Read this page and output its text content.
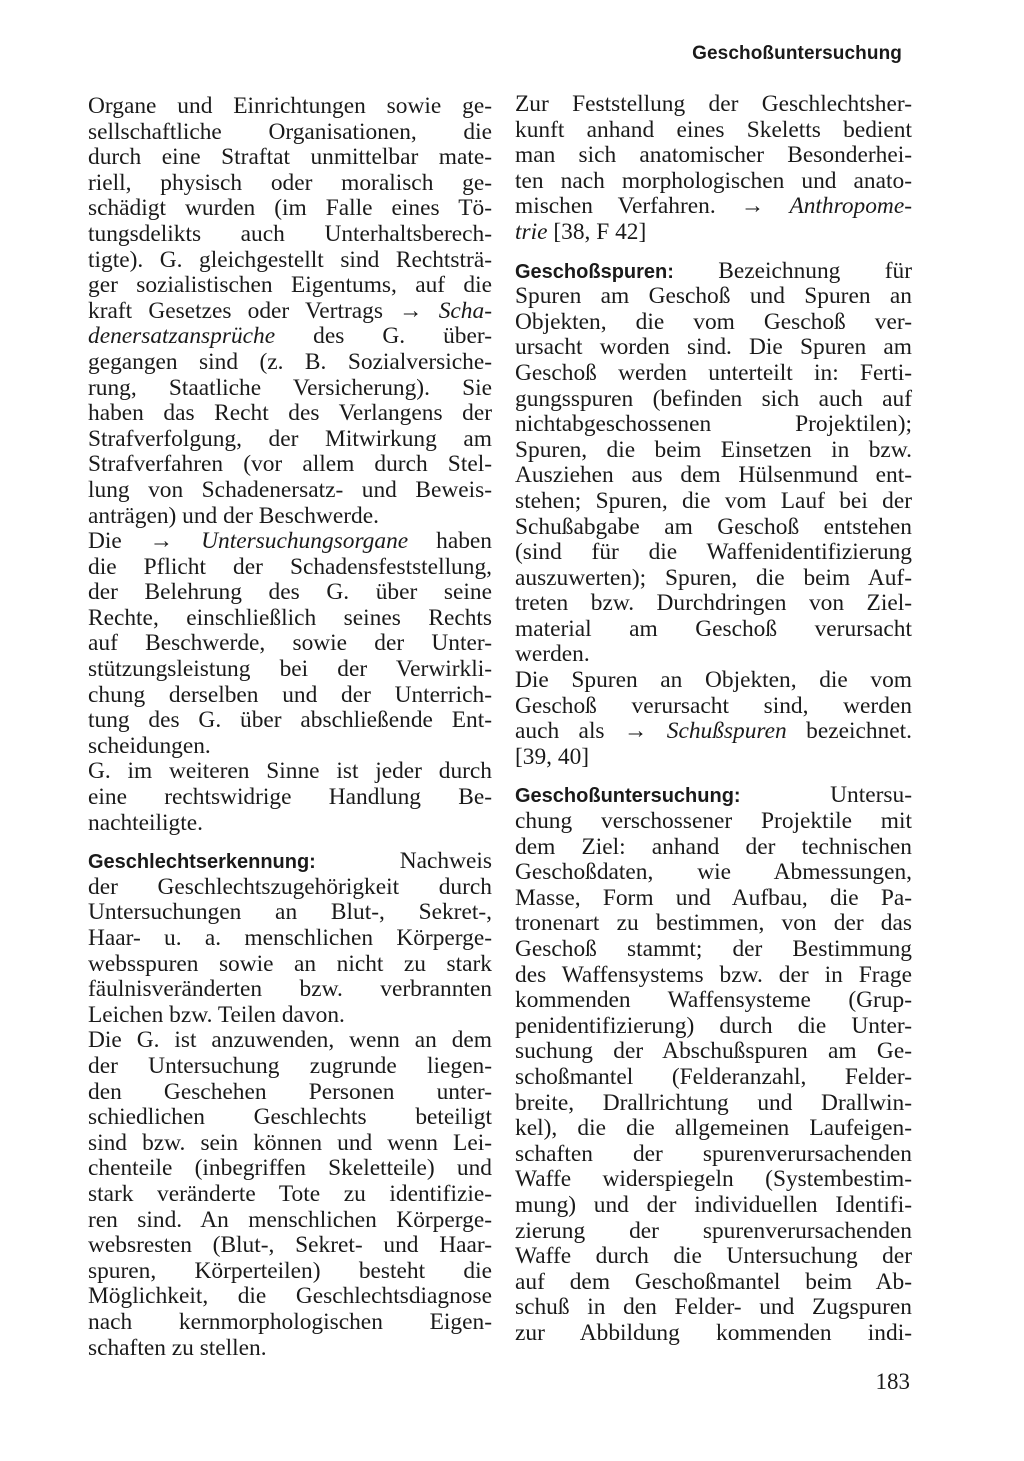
Geschoßuntersuchung
Organe und Einrichtungen sowie ge-
sellschaftliche Organisationen, die
durch eine Straftat unmittelbar mate-
riell, physisch oder moralisch ge-
schädigt wurden (im Falle eines Tö-
tungsdelikts auch Unterhaltsberech-
tigte). G. gleichgestellt sind Rechtsträ-
ger sozialistischen Eigentums, auf die
kraft Gesetzes oder Vertrags → Scha-
denersatzansprüche des G. über-
gegangen sind (z. B. Sozialversiche-
rung, Staatliche Versicherung). Sie
haben das Recht des Verlangens der
Strafverfolgung, der Mitwirkung am
Strafverfahren (vor allem durch Stel-
lung von Schadenersatz- und Beweis-
anträgen) und der Beschwerde.
Die → Untersuchungsorgane haben
die Pflicht der Schadensfeststellung,
der Belehrung des G. über seine
Rechte, einschließlich seines Rechts
auf Beschwerde, sowie der Unter-
stützungsleistung bei der Verwirkli-
chung derselben und der Unterrich-
tung des G. über abschließende Ent-
scheidungen.
G. im weiteren Sinne ist jeder durch
eine rechtswidrige Handlung Be-
nachteiligte.
Geschlechtserkennung:	Nachweis
der Geschlechtszugehörigkeit durch
Untersuchungen an Blut-, Sekret-,
Haar- u. a. menschlichen Körperge-
websspuren sowie an nicht zu stark
fäulnisveränderten bzw. verbrannten
Leichen bzw. Teilen davon.
Die G. ist anzuwenden, wenn an dem
der Untersuchung zugrunde liegen-
den Geschehen Personen unter-
schiedlichen Geschlechts beteiligt
sind bzw. sein können und wenn Lei-
chenteile (inbegriffen Skeletteile) und
stark veränderte Tote zu identifizie-
ren sind. An menschlichen Körperge-
websresten (Blut-, Sekret- und Haar-
spuren, Körperteilen) besteht die
Möglichkeit, die Geschlechtsdiagnose
nach kernmorphologischen Eigen-
schaften zu stellen.
Zur Feststellung der Geschlechtsher-
kunft anhand eines Skeletts bedient
man sich anatomischer Besonderhei-
ten nach morphologischen und anato-
mischen Verfahren. → Anthropome-
trie [38, F 42]
Geschoßspuren: Bezeichnung für
Spuren am Geschoß und Spuren an
Objekten, die vom Geschoß ver-
ursacht worden sind. Die Spuren am
Geschoß werden unterteilt in: Ferti-
gungsspuren (befinden sich auch auf
nichtabgeschossenen Projektilen);
Spuren, die beim Einsetzen in bzw.
Ausziehen aus dem Hülsenmund ent-
stehen; Spuren, die vom Lauf bei der
Schußabgabe am Geschoß entstehen
(sind für die Waffenidentifizierung
auszuwerten); Spuren, die beim Auf-
treten bzw. Durchdringen von Ziel-
material am Geschoß verursacht
werden.
Die Spuren an Objekten, die vom
Geschoß verursacht sind, werden
auch als → Schußspuren bezeichnet.
[39, 40]
Geschoßuntersuchung:	Untersu-
chung verschossener Projektile mit
dem Ziel: anhand der technischen
Geschoßdaten, wie Abmessungen,
Masse, Form und Aufbau, die Pa-
tronenart zu bestimmen, von der das
Geschoß stammt; der Bestimmung
des Waffensystems bzw. der in Frage
kommenden Waffensysteme (Grup-
penidentifizierung) durch die Unter-
suchung der Abschußspuren am Ge-
schoßmantel (Felderanzahl, Felder-
breite, Drallrichtung und Drallwin-
kel), die die allgemeinen Laufeigen-
schaften der spurenverursachenden
Waffe widerspiegeln (Systembestim-
mung) und der individuellen Identifi-
zierung der spurenverursachenden
Waffe durch die Untersuchung der
auf dem Geschoßmantel beim Ab-
schuß in den Felder- und Zugspuren
zur Abbildung kommenden indi-
183
